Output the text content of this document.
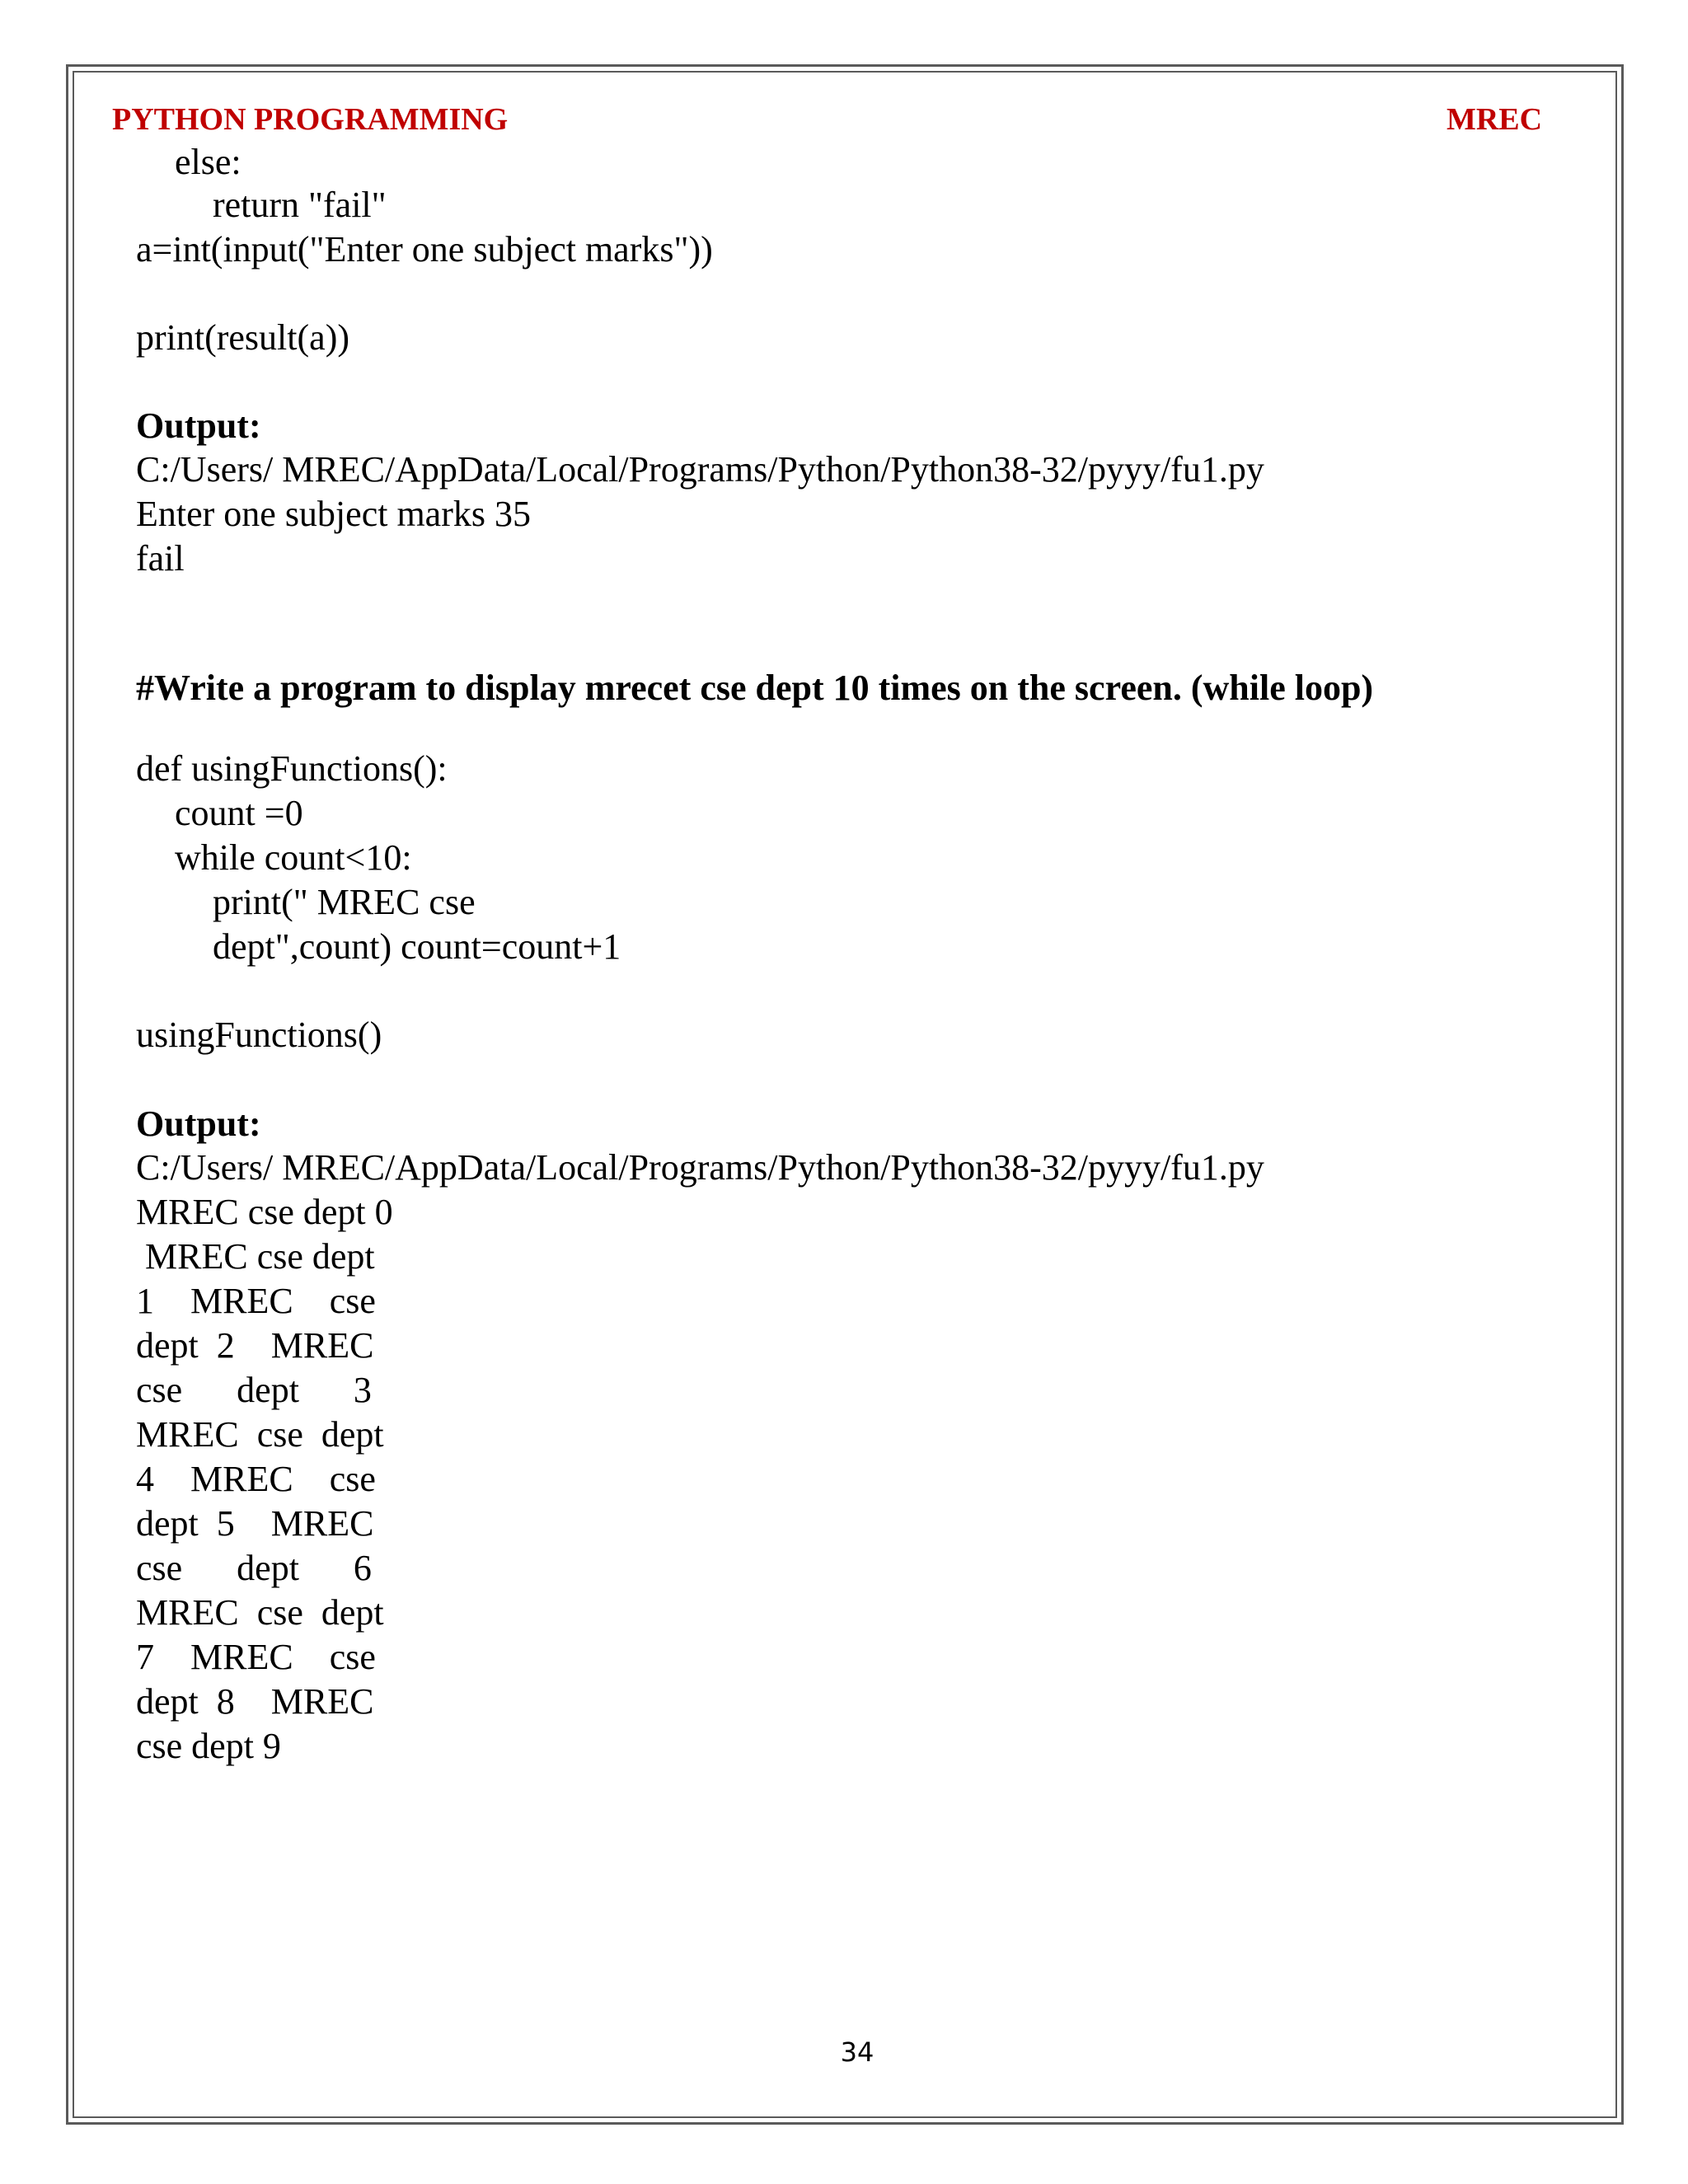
PYTHON PROGRAMMING	MREC
else:
return "fail"
a=int(input("Enter one subject marks"))
print(result(a))
Output:
C:/Users/ MREC/AppData/Local/Programs/Python/Python38-32/pyyy/fu1.py
Enter one subject marks 35
fail
#Write a program to display mrecet cse dept 10 times on the screen. (while loop)
def usingFunctions():
count =0
while count<10:
print(" MREC cse
dept",count) count=count+1
usingFunctions()
Output:
C:/Users/ MREC/AppData/Local/Programs/Python/Python38-32/pyyy/fu1.py
MREC cse dept 0
MREC cse dept
1    MREC    cse
dept  2    MREC
cse      dept      3
MREC  cse  dept
4    MREC    cse
dept  5    MREC
cse      dept      6
MREC  cse  dept
7    MREC    cse
dept  8    MREC
cse dept 9
34
